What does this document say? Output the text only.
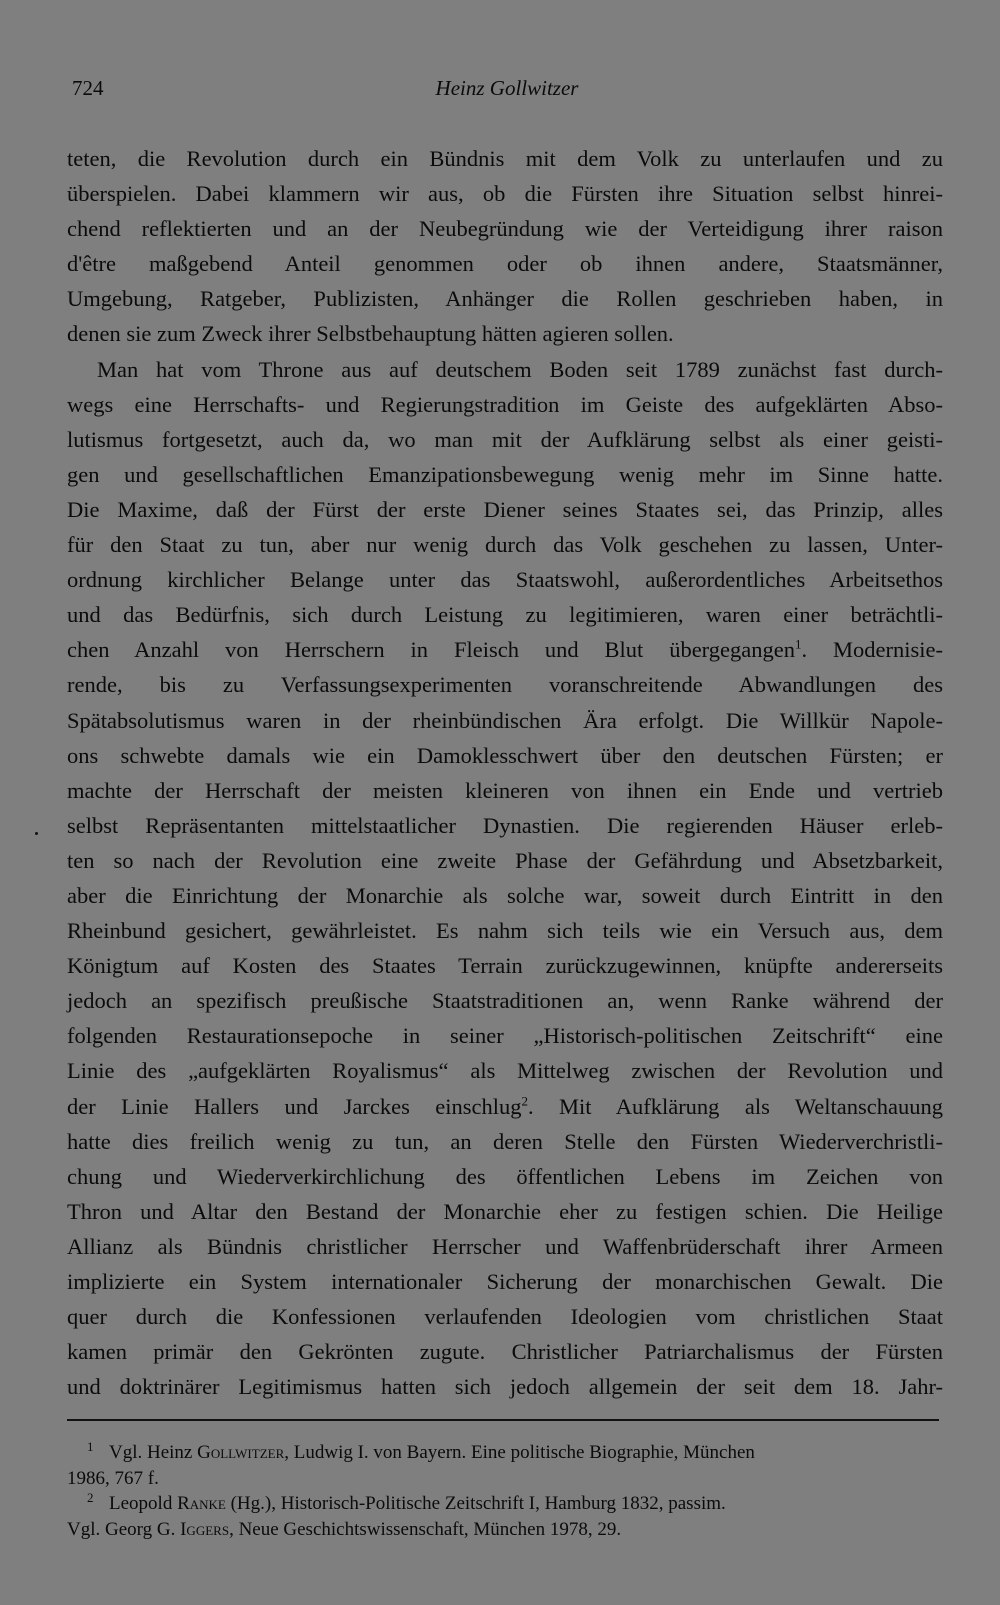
724	Heinz Gollwitzer
teten, die Revolution durch ein Bündnis mit dem Volk zu unterlaufen und zu
überspielen. Dabei klammern wir aus, ob die Fürsten ihre Situation selbst hinrei-
chend reflektierten und an der Neubegründung wie der Verteidigung ihrer raison
d'être maßgebend Anteil genommen oder ob ihnen andere, Staatsmänner,
Umgebung, Ratgeber, Publizisten, Anhänger die Rollen geschrieben haben, in
denen sie zum Zweck ihrer Selbstbehauptung hätten agieren sollen.
Man hat vom Throne aus auf deutschem Boden seit 1789 zunächst fast durch-
wegs eine Herrschafts- und Regierungstradition im Geiste des aufgeklärten Abso-
lutismus fortgesetzt, auch da, wo man mit der Aufklärung selbst als einer geisti-
gen und gesellschaftlichen Emanzipationsbewegung wenig mehr im Sinne hatte.
Die Maxime, daß der Fürst der erste Diener seines Staates sei, das Prinzip, alles
für den Staat zu tun, aber nur wenig durch das Volk geschehen zu lassen, Unter-
ordnung kirchlicher Belange unter das Staatswohl, außerordentliches Arbeitsethos
und das Bedürfnis, sich durch Leistung zu legitimieren, waren einer beträchtli-
chen Anzahl von Herrschern in Fleisch und Blut übergegangen$^1$. Modernisie-
rende, bis zu Verfassungsexperimenten voranschreitende Abwandlungen des
Spätabsolutismus waren in der rheinbündischen Ära erfolgt. Die Willkür Napole-
ons schwebte damals wie ein Damoklesschwert über den deutschen Fürsten; er
machte der Herrschaft der meisten kleineren von ihnen ein Ende und vertrieb
selbst Repräsentanten mittelstaatlicher Dynastien. Die regierenden Häuser erleb-
ten so nach der Revolution eine zweite Phase der Gefährdung und Absetzbarkeit,
aber die Einrichtung der Monarchie als solche war, soweit durch Eintritt in den
Rheinbund gesichert, gewährleistet. Es nahm sich teils wie ein Versuch aus, dem
Königtum auf Kosten des Staates Terrain zurückzugewinnen, knüpfte andererseits
jedoch an spezifisch preußische Staatstraditionen an, wenn Ranke während der
folgenden Restaurationsepoche in seiner „Historisch-politischen Zeitschrift“ eine
Linie des „aufgeklärten Royalismus“ als Mittelweg zwischen der Revolution und
der Linie Hallers und Jarckes einschlug$^2$. Mit Aufklärung als Weltanschauung
hatte dies freilich wenig zu tun, an deren Stelle den Fürsten Wiederverchristli-
chung und Wiederverkirchlichung des öffentlichen Lebens im Zeichen von
Thron und Altar den Bestand der Monarchie eher zu festigen schien. Die Heilige
Allianz als Bündnis christlicher Herrscher und Waffenbrüderschaft ihrer Armeen
implizierte ein System internationaler Sicherung der monarchischen Gewalt. Die
quer durch die Konfessionen verlaufenden Ideologien vom christlichen Staat
kamen primär den Gekrönten zugute. Christlicher Patriarchalismus der Fürsten
und doktrinärer Legitimismus hatten sich jedoch allgemein der seit dem 18. Jahr-
1 Vgl. Heinz Gollwitzer, Ludwig I. von Bayern. Eine politische Biographie, München
1986, 767 f.
2 Leopold Ranke (Hg.), Historisch-Politische Zeitschrift I, Hamburg 1832, passim.
Vgl. Georg G. Iggers, Neue Geschichtswissenschaft, München 1978, 29.
